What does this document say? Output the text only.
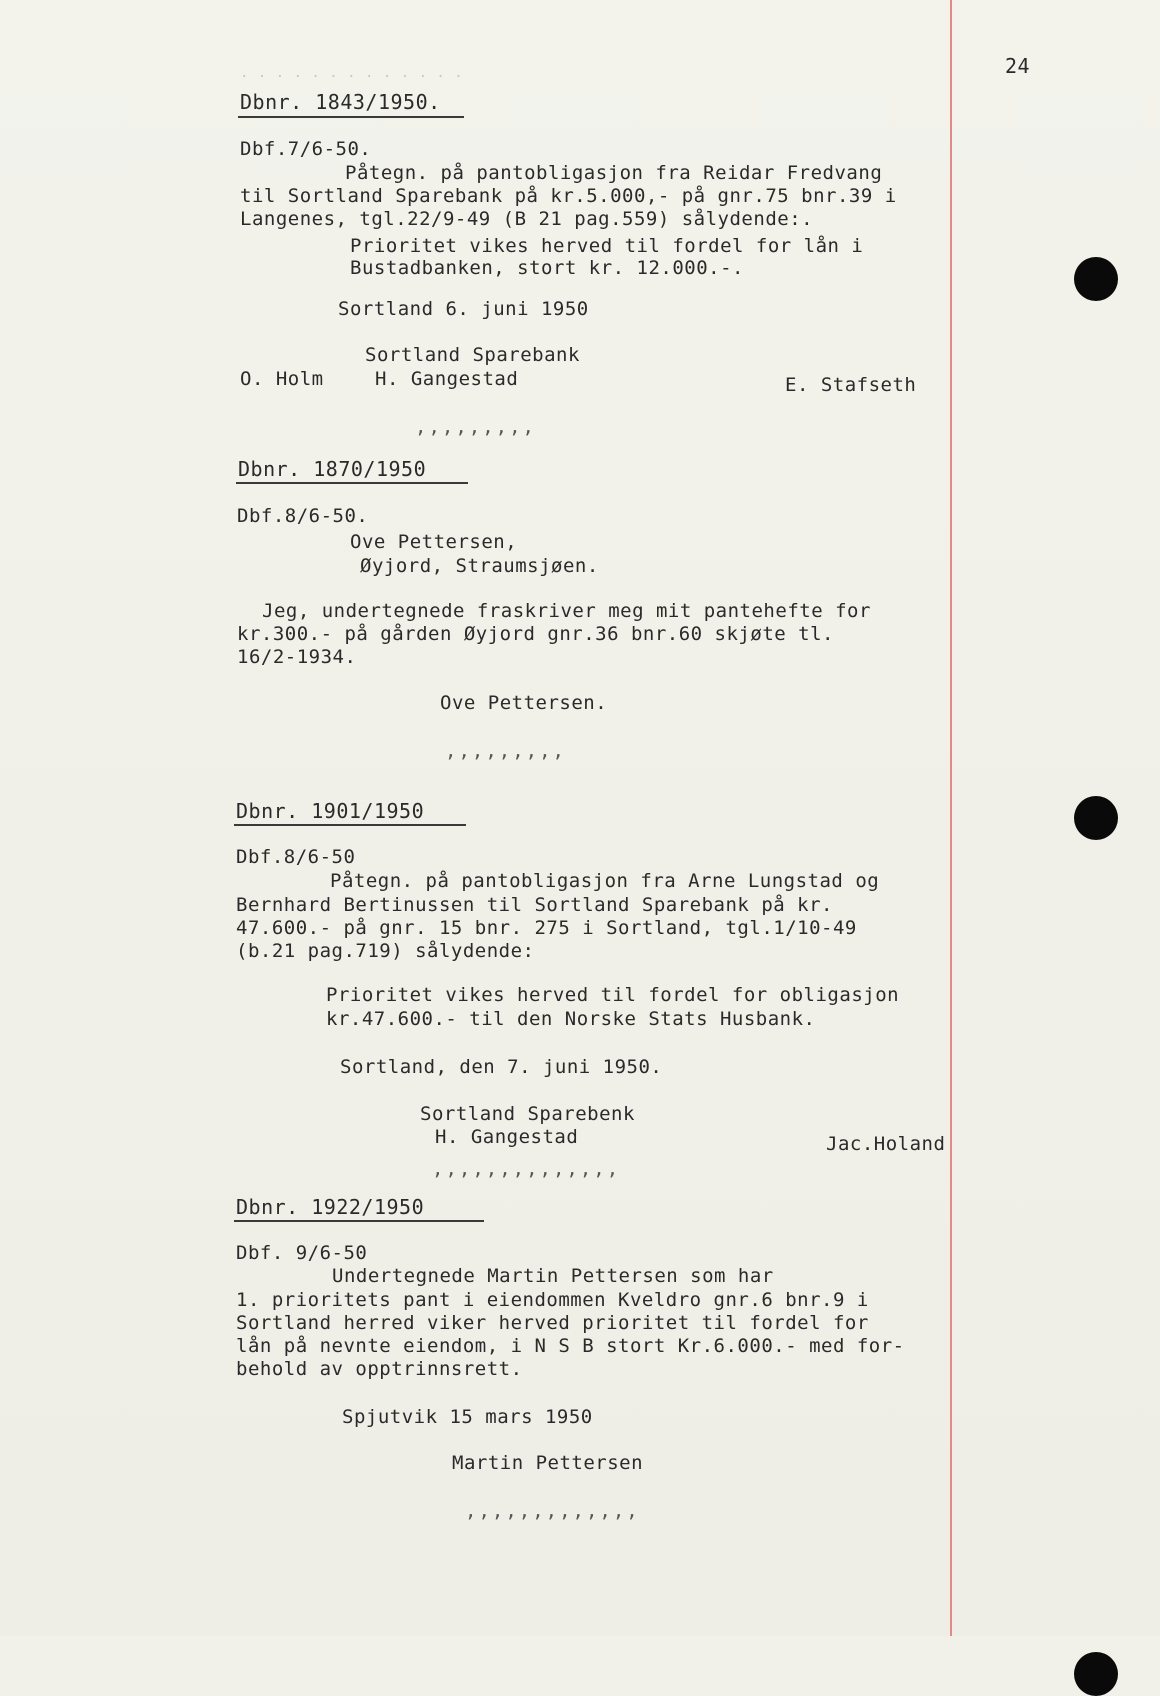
24
. . . . . . . . . . . . .
Dbnr. 1843/1950.
Dbf.7/6-50.
Påtegn. på pantobligasjon fra Reidar Fredvang
til Sortland Sparebank på kr.5.000,- på gnr.75 bnr.39 i
Langenes, tgl.22/9-49 (B 21 pag.559) sålydende:.
Prioritet vikes herved til fordel for lån i
Bustadbanken, stort kr. 12.000.-.
Sortland 6. juni 1950
Sortland Sparebank
O. Holm	H. Gangestad	E. Stafseth
,,,,,,,,,
Dbnr. 1870/1950
Dbf.8/6-50.
Ove Pettersen,
Øyjord, Straumsjøen.
Jeg, undertegnede fraskriver meg mit pantehefte for
kr.300.- på gården Øyjord gnr.36 bnr.60 skjøte tl.
16/2-1934.
Ove Pettersen.
,,,,,,,,,
Dbnr. 1901/1950
Dbf.8/6-50
Påtegn. på pantobligasjon fra Arne Lungstad og
Bernhard Bertinussen til Sortland Sparebank på kr.
47.600.- på gnr. 15 bnr. 275 i Sortland, tgl.1/10-49
(b.21 pag.719) sålydende:
Prioritet vikes herved til fordel for obligasjon
kr.47.600.- til den Norske Stats Husbank.
Sortland, den 7. juni 1950.
Sortland Sparebenk
H. Gangestad	Jac.Holand
,,,,,,,,,,,,,,
Dbnr. 1922/1950
Dbf. 9/6-50
Undertegnede Martin Pettersen som har
1. prioritets pant i eiendommen Kveldro gnr.6 bnr.9 i
Sortland herred viker herved prioritet til fordel for
lån på nevnte eiendom, i N S B stort Kr.6.000.- med for-
behold av opptrinnsrett.
Spjutvik 15 mars 1950
Martin Pettersen
,,,,,,,,,,,,,
